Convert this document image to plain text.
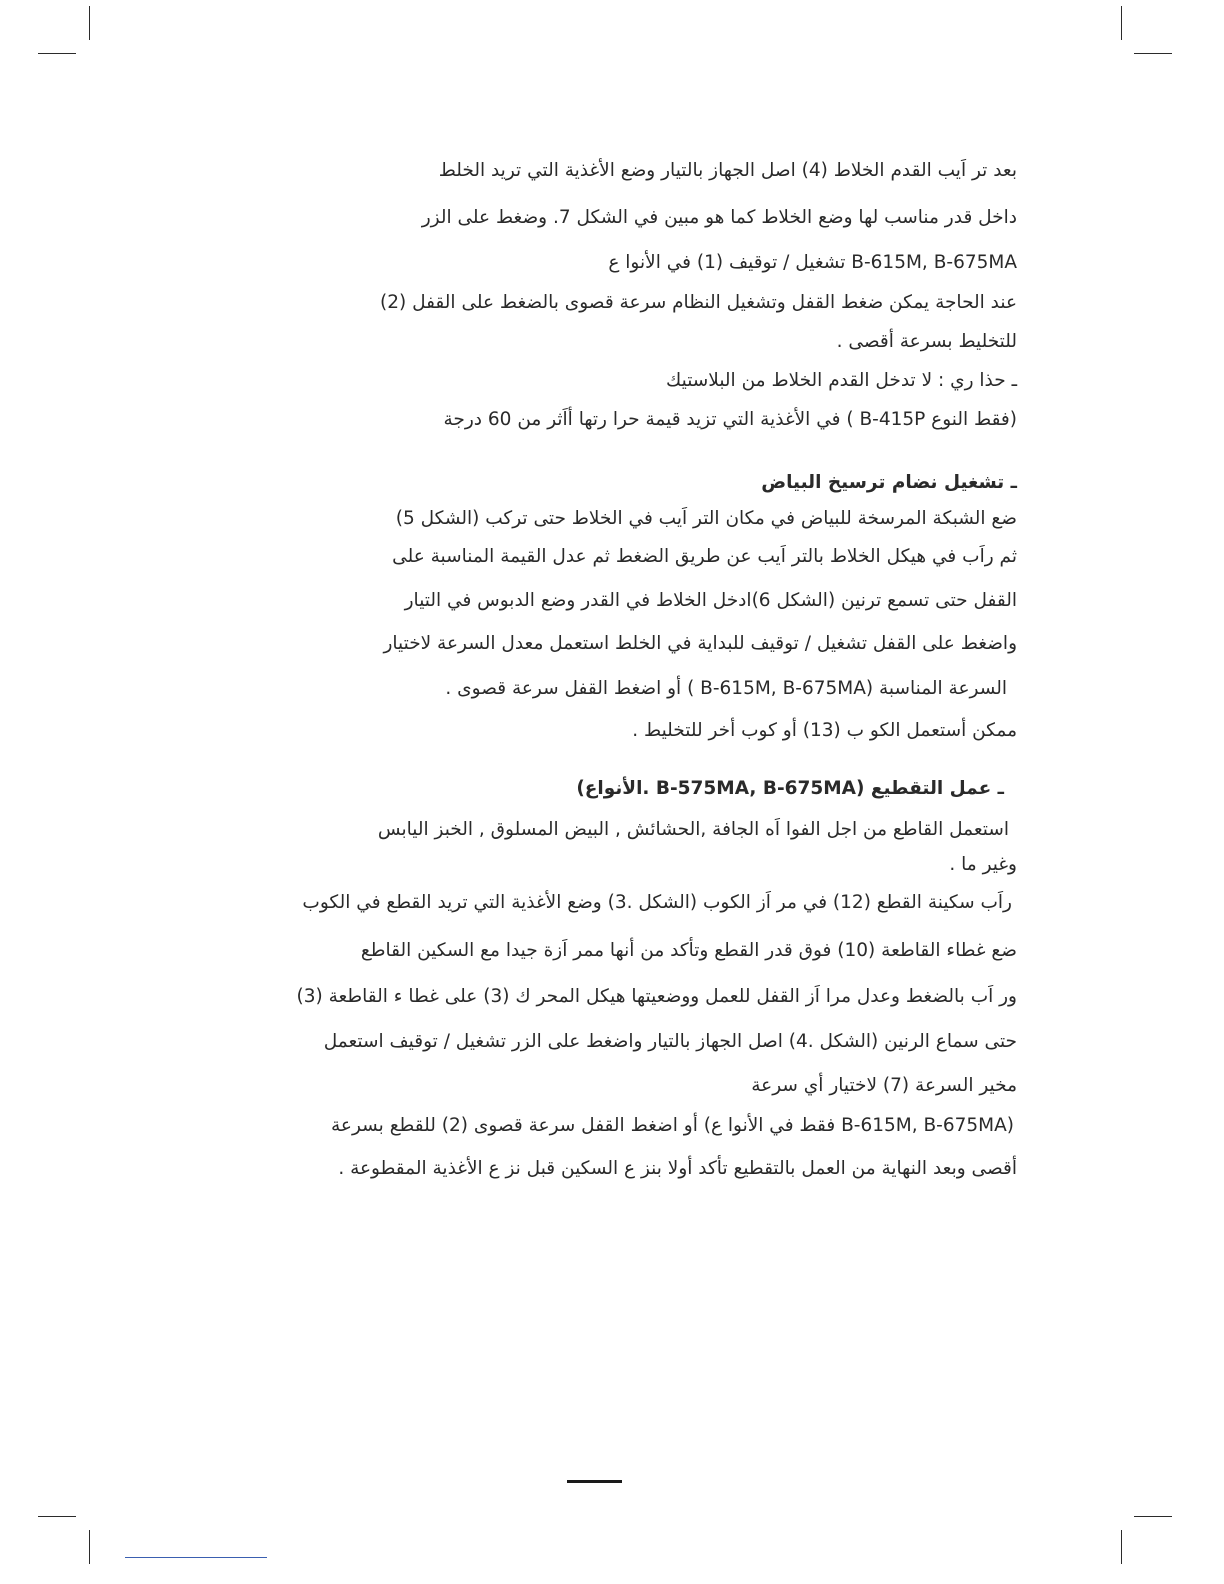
بعد تر اَيب القدم الخلاط (4) اصل الجهاز بالتيار وضع الأغذية التي تريد الخلط
داخل قدر مناسب لها وضع الخلاط كما هو مبين في الشكل 7. وضغط على الزر
B-615M, B-675MA تشغيل / توقيف (1) في الأنوا ع
عند الحاجة يمكن ضغط القفل وتشغيل النظام سرعة قصوى بالضغط على القفل (2)
للتخليط بسرعة أقصى .
ـ حذا ري : لا تدخل القدم الخلاط من البلاستيك
(فقط النوع B-415P ) في الأغذية التي تزيد قيمة حرا رتها أاَثر من 60 درجة
ـ تشغيل نضام ترسيخ البياض
ضع الشبكة المرسخة للبياض في مكان التر اَيب في الخلاط حتى تركب (الشكل 5)
ثم راَب في هيكل الخلاط بالتر اَيب عن طريق الضغط ثم عدل القيمة المناسبة على
القفل حتى تسمع ترنين (الشكل 6)ادخل الخلاط في القدر وضع الدبوس في التيار
واضغط على القفل تشغيل / توقيف للبداية في الخلط استعمل معدل السرعة لاختيار
السرعة المناسبة (B-615M, B-675MA ) أو اضغط القفل سرعة قصوى .
ممكن أستعمل الكو ب (13) أو كوب أخر للتخليط .
ـ عمل التقطيع (B-575MA, B-675MA .الأنواع)
استعمل القاطع من اجل الفوا اَه الجافة ,الحشائش , البيض المسلوق , الخبز اليابس
وغير ما .
راَب سكينة القطع (12) في مر اَز الكوب (الشكل .3) وضع الأغذية التي تريد القطع في الكوب
ضع غطاء القاطعة (10) فوق قدر القطع وتأكد من أنها ممر اَزة جيدا مع السكين القاطع
ور اَب بالضغط وعدل مرا اَز القفل للعمل ووضعيتها هيكل المحر ك (3) على غطا ء القاطعة (3)
حتى سماع الرنين (الشكل .4) اصل الجهاز بالتيار واضغط على الزر تشغيل / توقيف استعمل
مخير السرعة (7) لاختيار أي سرعة
(B-615M, B-675MA فقط في الأنوا ع) أو اضغط القفل سرعة قصوى (2) للقطع بسرعة
أقصى وبعد النهاية من العمل بالتقطيع تأكد أولا بنز ع السكين قبل نز ع الأغذية المقطوعة .
